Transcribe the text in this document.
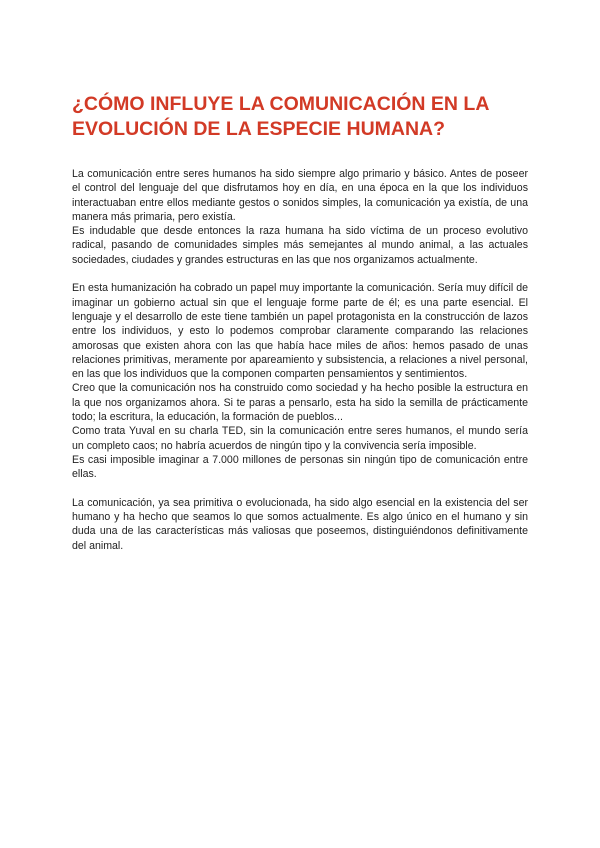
¿CÓMO INFLUYE LA COMUNICACIÓN EN LA EVOLUCIÓN DE LA ESPECIE HUMANA?

La comunicación entre seres humanos ha sido siempre algo primario y básico. Antes de poseer el control del lenguaje del que disfrutamos hoy en día, en una época en la que los individuos interactuaban entre ellos mediante gestos o sonidos simples, la comunicación ya existía, de una manera más primaria, pero existía.

Es indudable que desde entonces la raza humana ha sido víctima de un proceso evolutivo radical, pasando de comunidades simples más semejantes al mundo animal, a las actuales sociedades, ciudades y grandes estructuras en las que nos organizamos actualmente.

En esta humanización ha cobrado un papel muy importante la comunicación. Sería muy difícil de imaginar un gobierno actual sin que el lenguaje forme parte de él; es una parte esencial. El lenguaje y el desarrollo de este tiene también un papel protagonista en la construcción de lazos entre los individuos, y esto lo podemos comprobar claramente comparando las relaciones amorosas que existen ahora con las que había hace miles de años: hemos pasado de unas relaciones primitivas, meramente por apareamiento y subsistencia, a relaciones a nivel personal, en las que los individuos que la componen comparten pensamientos y sentimientos.

Creo que la comunicación nos ha construido como sociedad y ha hecho posible la estructura en la que nos organizamos ahora. Si te paras a pensarlo, esta ha sido la semilla de prácticamente todo; la escritura, la educación, la formación de pueblos...

Como trata Yuval en su charla TED, sin la comunicación entre seres humanos, el mundo sería un completo caos; no habría acuerdos de ningún tipo y la convivencia sería imposible.

Es casi imposible imaginar a 7.000 millones de personas sin ningún tipo de comunicación entre ellas.

La comunicación, ya sea primitiva o evolucionada, ha sido algo esencial en la existencia del ser humano y ha hecho que seamos lo que somos actualmente. Es algo único en el humano y sin duda una de las características más valiosas que poseemos, distinguiéndonos definitivamente del animal.
